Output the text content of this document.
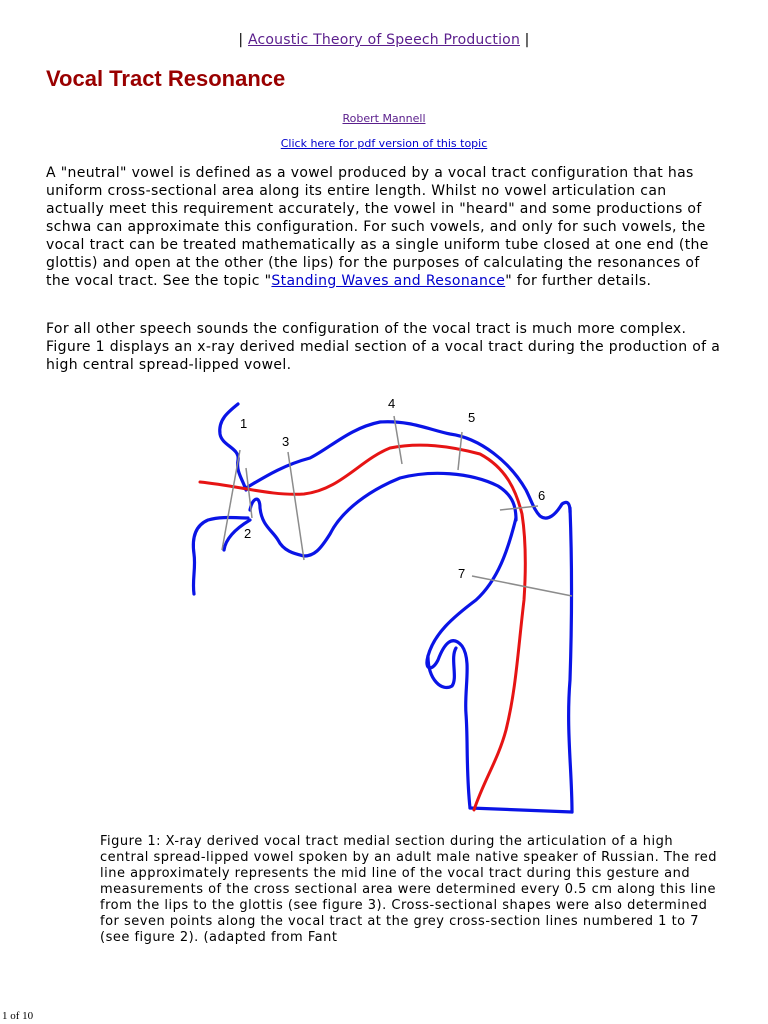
| Acoustic Theory of Speech Production |
Vocal Tract Resonance
Robert Mannell
Click here for pdf version of this topic

A "neutral" vowel is defined as a vowel produced by a vocal tract configuration that has uniform cross-sectional area along its entire length. Whilst no vowel articulation can actually meet this requirement accurately, the vowel in "heard" and some productions of schwa can approximate this configuration. For such vowels, and only for such vowels, the vocal tract can be treated mathematically as a single uniform tube closed at one end (the glottis) and open at the other (the lips) for the purposes of calculating the resonances of the vocal tract. See the topic "Standing Waves and Resonance" for further details.

For all other speech sounds the configuration of the vocal tract is much more complex. Figure 1 displays an x-ray derived medial section of a vocal tract during the production of a high central spread-lipped vowel.

1
2
3
4
5
6
7

Figure 1: X-ray derived vocal tract medial section during the articulation of a high central spread-lipped vowel spoken by an adult male native speaker of Russian. The red line approximately represents the mid line of the vocal tract during this gesture and measurements of the cross sectional area were determined every 0.5 cm along this line from the lips to the glottis (see figure 3). Cross-sectional shapes were also determined for seven points along the vocal tract at the grey cross-section lines numbered 1 to 7 (see figure 2). (adapted from Fant

1 of 10
